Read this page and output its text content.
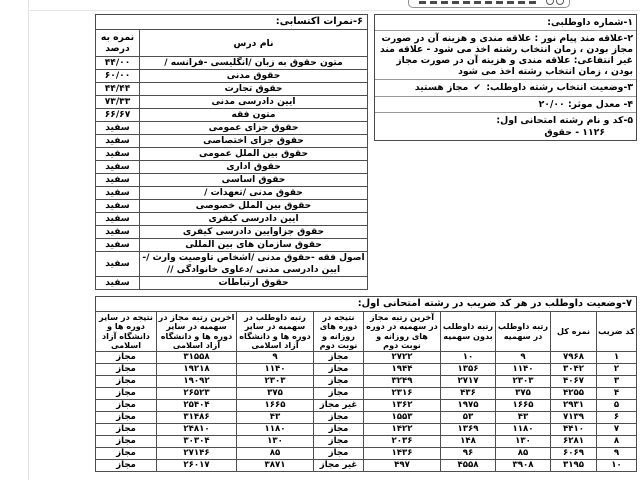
۱-شماره داوطلبی:
۲-علاقه مند پیام نور : علاقه مندی و هزینه آن در صورت مجاز بودن ، زمان انتخاب رشته اخذ می شود - علاقه مند غیر انتفاعی: علاقه مندی و هزینه آن در صورت مجاز بودن ، زمان انتخاب رشته اخذ می شود
۳-وضعیت انتخاب رشته داوطلب: ✔ مجاز هستید
۴- معدل موثر: ۲۰/۰۰
۵-کد و نام رشته امتحانی اول:
۱۱۲۶ - حقوق
۶-نمرات اکتسابی:
نام درس	نمره به درصد
متون حقوق به زبان /انگلیسی -فرانسه /	۴۴/۰۰
حقوق مدنی	۶۰/۰۰
حقوق تجارت	۴۴/۴۴
ایین دادرسی مدنی	۷۳/۳۳
متون فقه	۶۶/۶۷
حقوق جزای عمومی	سفید
حقوق جزای اختصاصی	سفید
حقوق بین الملل عمومی	سفید
حقوق اداری	سفید
حقوق اساسی	سفید
حقوق مدنی /تعهدات /	سفید
حقوق بین الملل خصوصی	سفید
ایین دادرسی کیفری	سفید
حقوق جزاوایین دادرسی کیفری	سفید
حقوق سازمان های بین المللی	سفید
اصول فقه -حقوق مدنی /اشخاص تاوصیت وارث /-ایین دادرسی مدنی /دعاوی خانوادگی //	سفید
حقوق ارتباطات	سفید
۷-وضعیت داوطلب در هر کد ضریب در رشته امتحانی اول:
کد ضریب	نمره کل	رتبه داوطلب در سهمیه	رتبه داوطلب بدون سهمیه	آخرین رتبه مجاز در سهمیه در دوره های روزانه و نوبت دوم	نتیجه در دوره های روزانه و نوبت دوم	رتبه داوطلب در سهمیه در سایر دوره ها و دانشگاه آزاد اسلامی	اخرین رتبه مجاز در سهمیه در سایر دوره ها و دانشگاه آزاد اسلامی	نتیجه در سایر دوره ها و دانشگاه آزاد اسلامی
۱	۷۹۶۸	۹	۱۰	۲۷۲۲	مجاز	۹	۳۱۵۵۸	مجاز
۲	۳۰۴۲	۱۱۴۰	۱۳۵۶	۱۹۴۴	مجاز	۱۱۴۰	۱۹۲۱۸	مجاز
۳	۴۰۶۷	۲۳۰۳	۲۷۱۷	۳۲۴۹	مجاز	۲۳۰۳	۱۹۰۹۲	مجاز
۴	۴۲۵۵	۳۷۵	۴۳۶	۲۳۱۶	مجاز	۳۷۵	۲۶۵۲۳	مجاز
۵	۲۹۳۱	۱۶۶۵	۱۹۷۵	۱۳۶۲	غیر مجاز	۱۶۶۵	۲۵۴۰۴	مجاز
۶	۷۱۳۹	۴۳	۵۳	۱۵۵۳	مجاز	۴۳	۳۱۴۸۶	مجاز
۷	۴۴۱۰	۱۱۸۰	۱۳۶۹	۱۴۲۲	مجاز	۱۱۸۰	۲۴۸۱۰	مجاز
۸	۶۲۸۱	۱۳۰	۱۴۸	۲۰۳۶	مجاز	۱۳۰	۳۰۳۰۴	مجاز
۹	۶۰۶۹	۸۵	۹۶	۱۴۳۶	مجاز	۸۵	۲۷۱۴۶	مجاز
۱۰	۳۱۹۵	۳۹۰۸	۴۵۵۸	۴۹۷	غیر مجاز	۳۸۷۱	۲۶۰۱۷	مجاز
